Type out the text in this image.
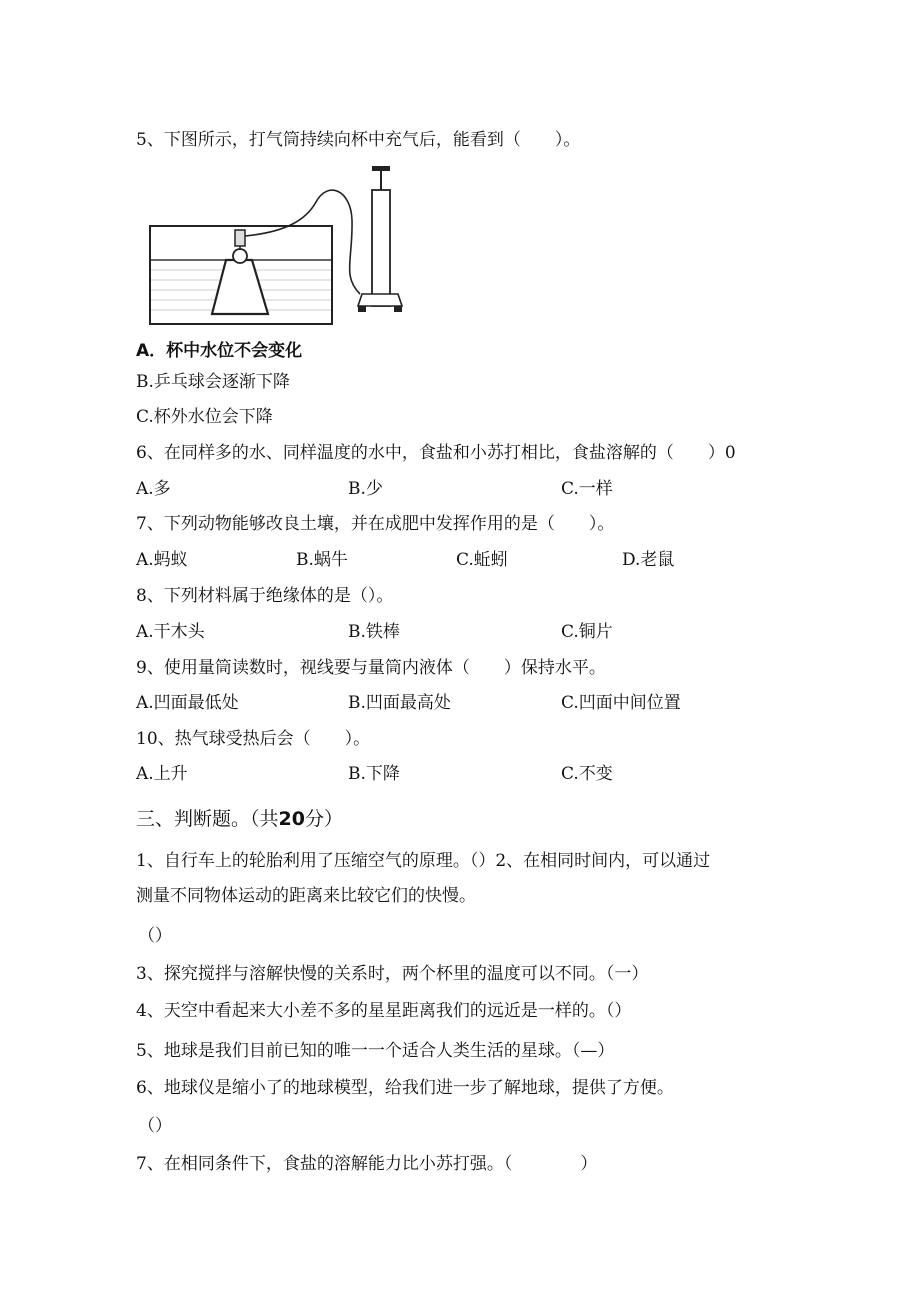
5、下图所示，打气筒持续向杯中充气后，能看到（　　）。
A．杯中水位不会变化
B.乒乓球会逐渐下降
C.杯外水位会下降
6、在同样多的水、同样温度的水中，食盐和小苏打相比，食盐溶解的（　　）0
A.多	B.少	C.一样
7、下列动物能够改良土壤，并在成肥中发挥作用的是（　　）。
A.蚂蚁	B.蜗牛	C.蚯蚓	D.老鼠
8、下列材料属于绝缘体的是（）。
A.干木头	B.铁棒	C.铜片
9、使用量筒读数时，视线要与量筒内液体（　　）保持水平。
A.凹面最低处	B.凹面最高处	C.凹面中间位置
10、热气球受热后会（　　）。
A.上升	B.下降	C.不变
三、判断题。（共20分）
1、自行车上的轮胎利用了压缩空气的原理。（）2、在相同时间内，可以通过
测量不同物体运动的距离来比较它们的快慢。
（）
3、探究搅拌与溶解快慢的关系时，两个杯里的温度可以不同。（一）
4、天空中看起来大小差不多的星星距离我们的远近是一样的。（）
5、地球是我们目前已知的唯一一个适合人类生活的星球。（—）
6、地球仪是缩小了的地球模型，给我们进一步了解地球，提供了方便。
（）
7、在相同条件下，食盐的溶解能力比小苏打强。（　　　　）
